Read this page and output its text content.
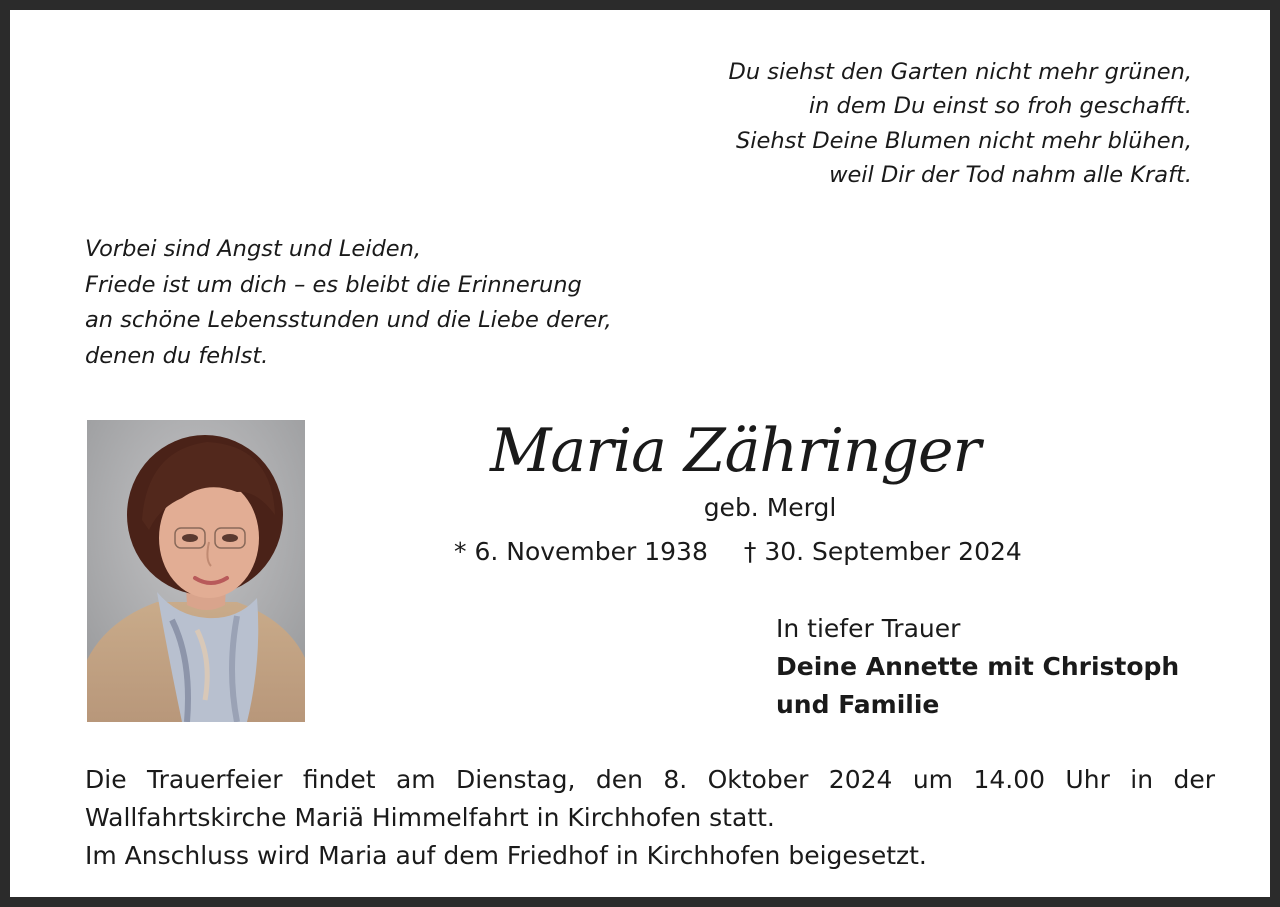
Du siehst den Garten nicht mehr grünen,
in dem Du einst so froh geschafft.
Siehst Deine Blumen nicht mehr blühen,
weil Dir der Tod nahm alle Kraft.
Vorbei sind Angst und Leiden,
Friede ist um dich – es bleibt die Erinnerung
an schöne Lebensstunden und die Liebe derer,
denen du fehlst.
Maria Zähringer
geb. Mergl
* 6. November 1938 † 30. September 2024
In tiefer Trauer
Deine Annette mit Christoph
und Familie
Die Trauerfeier findet am Dienstag, den 8. Oktober 2024 um 14.00 Uhr in der
Wallfahrtskirche Mariä Himmelfahrt in Kirchhofen statt.
Im Anschluss wird Maria auf dem Friedhof in Kirchhofen beigesetzt.
